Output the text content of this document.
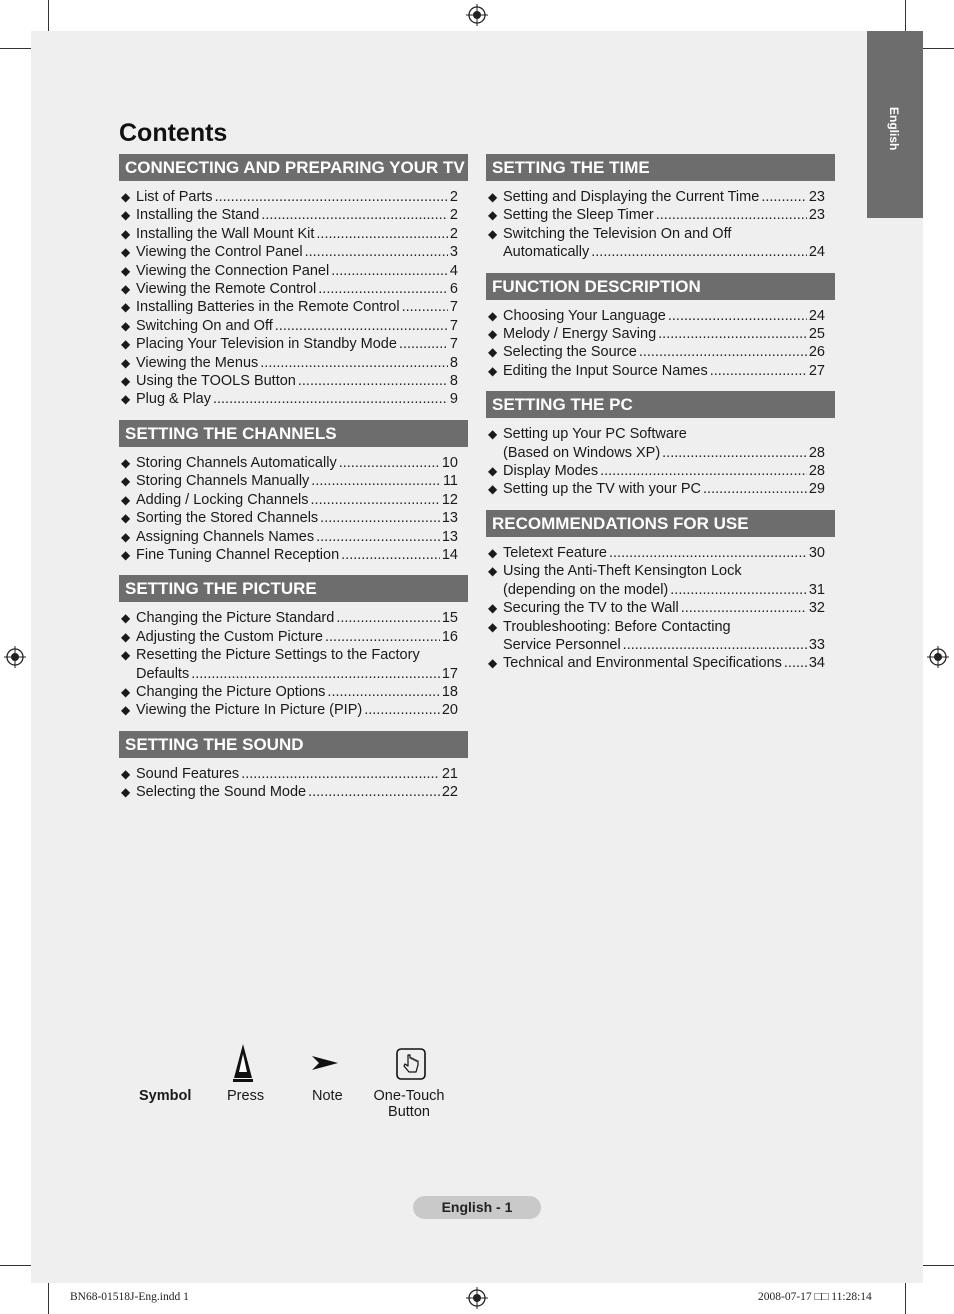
English
Contents
CONNECTING AND PREPARING YOUR TV
◆ List of Parts .....	2
◆ Installing the Stand .....	2
◆ Installing the Wall Mount Kit .....	2
◆ Viewing the Control Panel .....	3
◆ Viewing the Connection Panel .....	4
◆ Viewing the Remote Control .....	6
◆ Installing Batteries in the Remote Control .....	7
◆ Switching On and Off .....	7
◆ Placing Your Television in Standby Mode .....	7
◆ Viewing the Menus .....	8
◆ Using the TOOLS Button .....	8
◆ Plug & Play .....	9
SETTING THE CHANNELS
◆ Storing Channels Automatically .....	10
◆ Storing Channels Manually .....	11
◆ Adding / Locking Channels .....	12
◆ Sorting the Stored Channels .....	13
◆ Assigning Channels Names .....	13
◆ Fine Tuning Channel Reception .....	14
SETTING THE PICTURE
◆ Changing the Picture Standard .....	15
◆ Adjusting the Custom Picture .....	16
◆ Resetting the Picture Settings to the Factory
Defaults .....	17
◆ Changing the Picture Options .....	18
◆ Viewing the Picture In Picture (PIP) .....	20
SETTING THE SOUND
◆ Sound Features .....	21
◆ Selecting the Sound Mode .....	22
SETTING THE TIME
◆ Setting and Displaying the Current Time .....	23
◆ Setting the Sleep Timer .....	23
◆ Switching the Television On and Off
Automatically .....	24
FUNCTION DESCRIPTION
◆ Choosing Your Language .....	24
◆ Melody / Energy Saving .....	25
◆ Selecting the Source .....	26
◆ Editing the Input Source Names .....	27
SETTING THE PC
◆ Setting up Your PC Software
(Based on Windows XP) .....	28
◆ Display Modes .....	28
◆ Setting up the TV with your PC .....	29
RECOMMENDATIONS FOR USE
◆ Teletext Feature .....	30
◆ Using the Anti-Theft Kensington Lock
(depending on the model) .....	31
◆ Securing the TV to the Wall .....	32
◆ Troubleshooting: Before Contacting
Service Personnel .....	33
◆ Technical and Environmental Specifications ..... 34
Symbol Press	Note One-Touch
Button
English - 1
BN68-01518J-Eng.indd 1	2008-07-17 □□ 11:28:14
